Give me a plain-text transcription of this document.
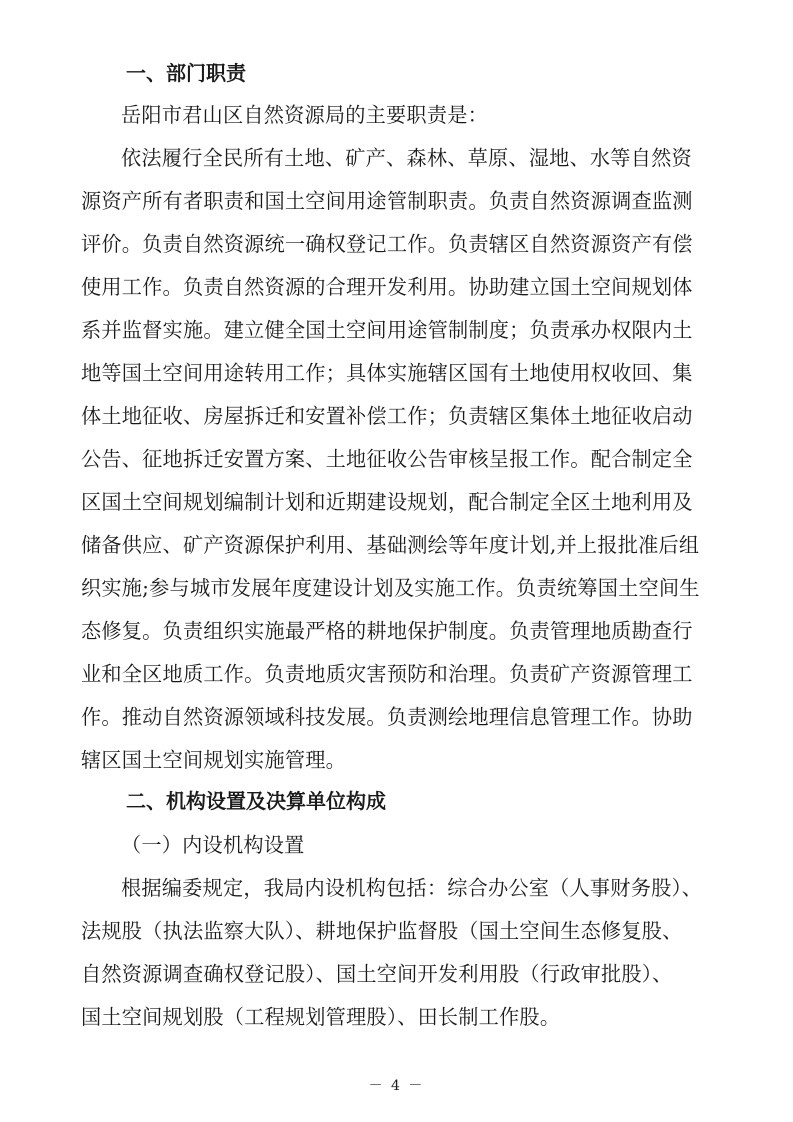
一、部门职责

岳阳市君山区自然资源局的主要职责是：

依法履行全民所有土地、矿产、森林、草原、湿地、水等自然资

源资产所有者职责和国土空间用途管制职责。负责自然资源调查监测

评价。负责自然资源统一确权登记工作。负责辖区自然资源资产有偿

使用工作。负责自然资源的合理开发利用。协助建立国土空间规划体

系并监督实施。建立健全国土空间用途管制制度；负责承办权限内土

地等国土空间用途转用工作；具体实施辖区国有土地使用权收回、集

体土地征收、房屋拆迁和安置补偿工作；负责辖区集体土地征收启动

公告、征地拆迁安置方案、土地征收公告审核呈报工作。配合制定全

区国土空间规划编制计划和近期建设规划，配合制定全区土地利用及

储备供应、矿产资源保护利用、基础测绘等年度计划,并上报批准后组

织实施;参与城市发展年度建设计划及实施工作。负责统筹国土空间生

态修复。负责组织实施最严格的耕地保护制度。负责管理地质勘查行

业和全区地质工作。负责地质灾害预防和治理。负责矿产资源管理工

作。推动自然资源领域科技发展。负责测绘地理信息管理工作。协助

辖区国土空间规划实施管理。

二、机构设置及决算单位构成

（一）内设机构设置

根据编委规定，我局内设机构包括：综合办公室（人事财务股）、

法规股（执法监察大队）、耕地保护监督股（国土空间生态修复股、

自然资源调查确权登记股）、国土空间开发利用股（行政审批股）、

国土空间规划股（工程规划管理股）、田长制工作股。

－ 4 －
